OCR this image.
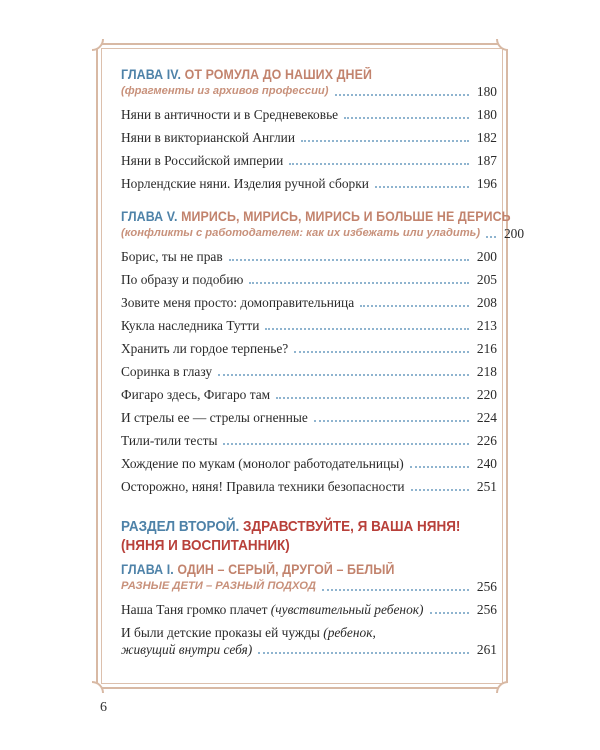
ГЛАВА IV. ОТ РОМУЛА ДО НАШИХ ДНЕЙ
(фрагменты из архивов профессии)	180
Няни в античности и в Средневековье	180
Няни в викторианской Англии	182
Няни в Российской империи	187
Норлендские няни. Изделия ручной сборки	196
ГЛАВА V. МИРИСЬ, МИРИСЬ, МИРИСЬ И БОЛЬШЕ НЕ ДЕРИСЬ
(конфликты с работодателем: как их избежать или уладить) 200
Борис, ты не прав	200
По образу и подобию	205
Зовите меня просто: домоправительница	208
Кукла наследника Тутти	213
Хранить ли гордое терпенье?	216
Соринка в глазу	218
Фигаро здесь, Фигаро там	220
И стрелы ее — стрелы огненные	224
Тили-тили тесты	226
Хождение по мукам (монолог работодательницы)	240
Осторожно, няня! Правила техники безопасности	251
РАЗДЕЛ ВТОРОЙ. ЗДРАВСТВУЙТЕ, Я ВАША НЯНЯ!
(НЯНЯ И ВОСПИТАННИК)
ГЛАВА I. ОДИН – СЕРЫЙ, ДРУГОЙ – БЕЛЫЙ
РАЗНЫЕ ДЕТИ – РАЗНЫЙ ПОДХОД	256
Наша Таня громко плачет (чувствительный ребенок)	256
И были детские проказы ей чужды (ребенок,
живущий внутри себя)	261
6
